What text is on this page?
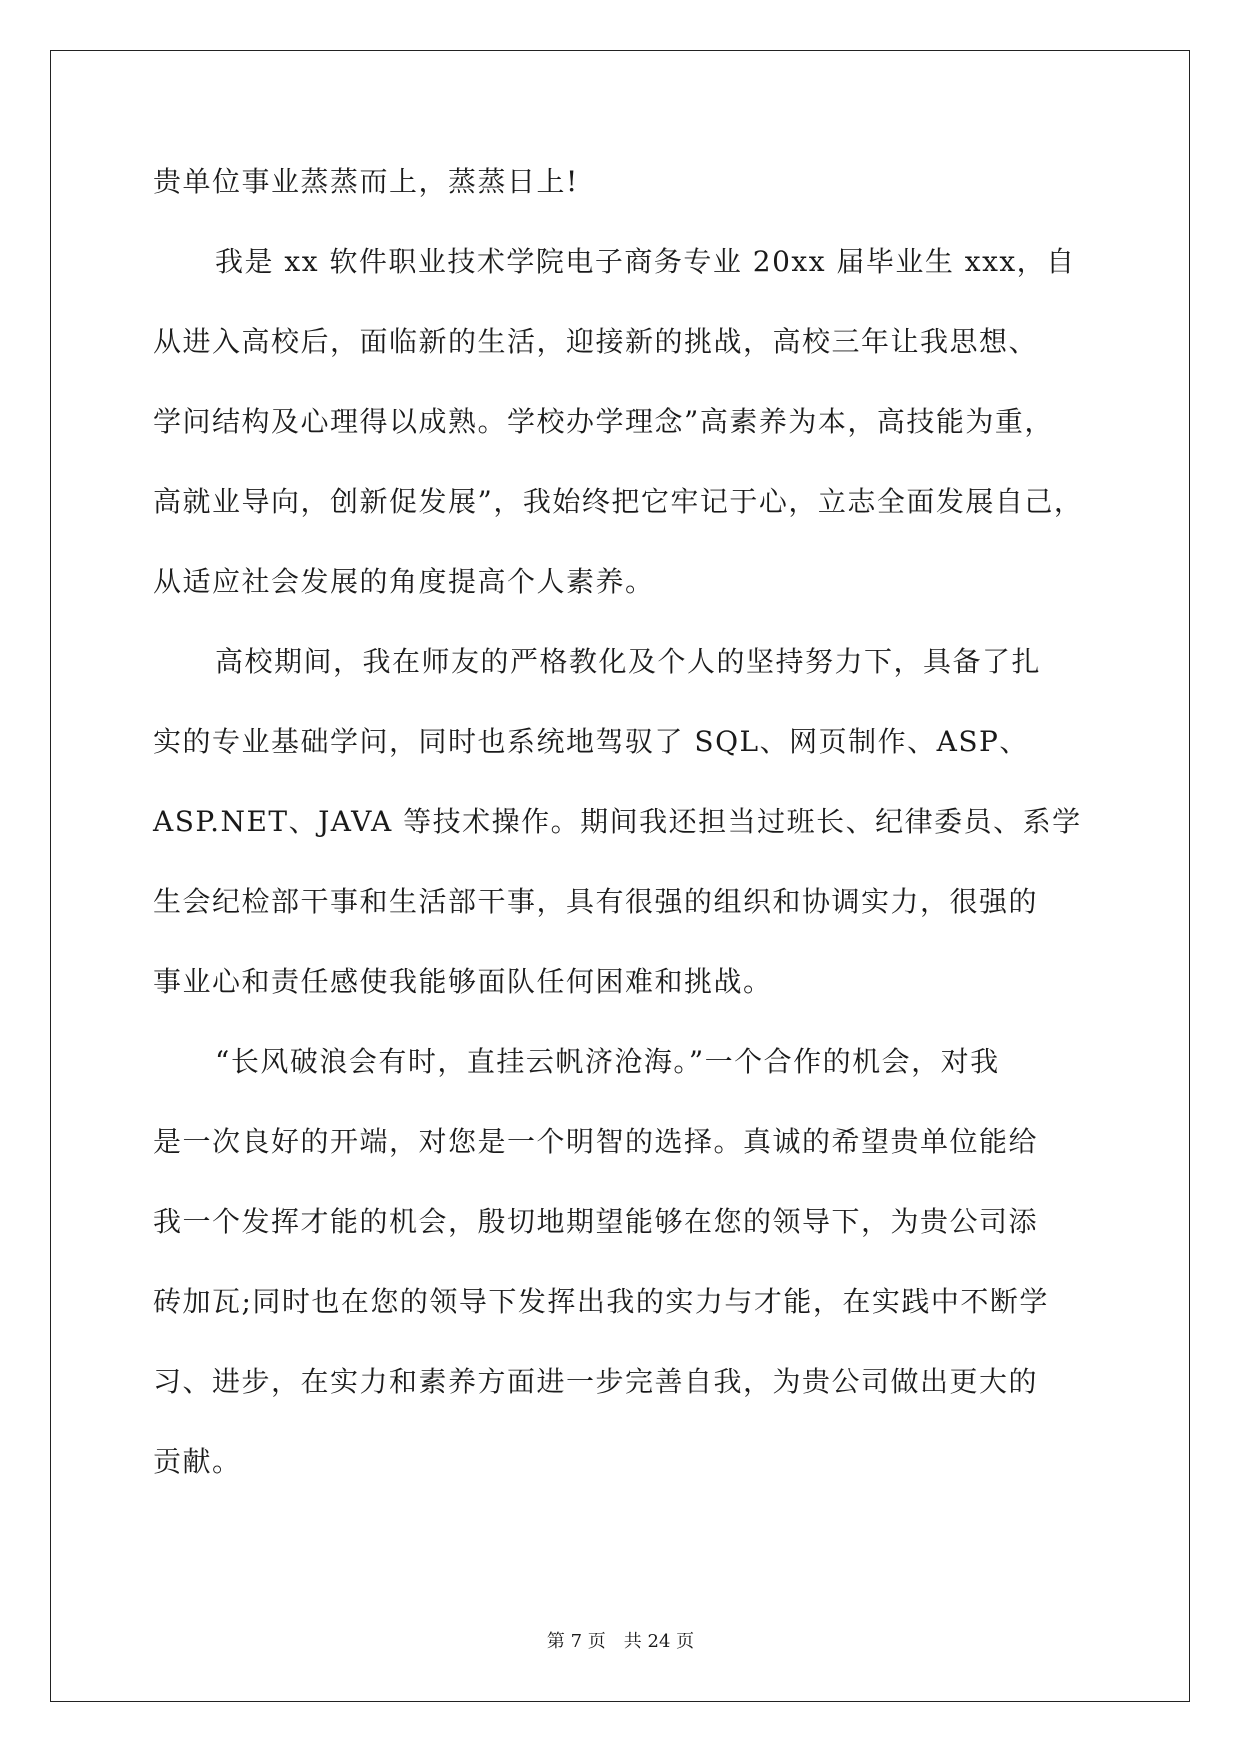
贵单位事业蒸蒸而上，蒸蒸日上!
我是 xx 软件职业技术学院电子商务专业 20xx 届毕业生 xxx，自
从进入高校后，面临新的生活，迎接新的挑战，高校三年让我思想、
学问结构及心理得以成熟。学校办学理念”高素养为本，高技能为重，
高就业导向，创新促发展”，我始终把它牢记于心，立志全面发展自己，
从适应社会发展的角度提高个人素养。
高校期间，我在师友的严格教化及个人的坚持努力下，具备了扎
实的专业基础学问，同时也系统地驾驭了 SQL、网页制作、ASP、
ASP.NET、JAVA 等技术操作。期间我还担当过班长、纪律委员、系学
生会纪检部干事和生活部干事，具有很强的组织和协调实力，很强的
事业心和责任感使我能够面队任何困难和挑战。
“长风破浪会有时，直挂云帆济沧海。”一个合作的机会，对我
是一次良好的开端，对您是一个明智的选择。真诚的希望贵单位能给
我一个发挥才能的机会，殷切地期望能够在您的领导下，为贵公司添
砖加瓦;同时也在您的领导下发挥出我的实力与才能，在实践中不断学
习、进步，在实力和素养方面进一步完善自我，为贵公司做出更大的
贡献。
第 7 页　共 24 页
